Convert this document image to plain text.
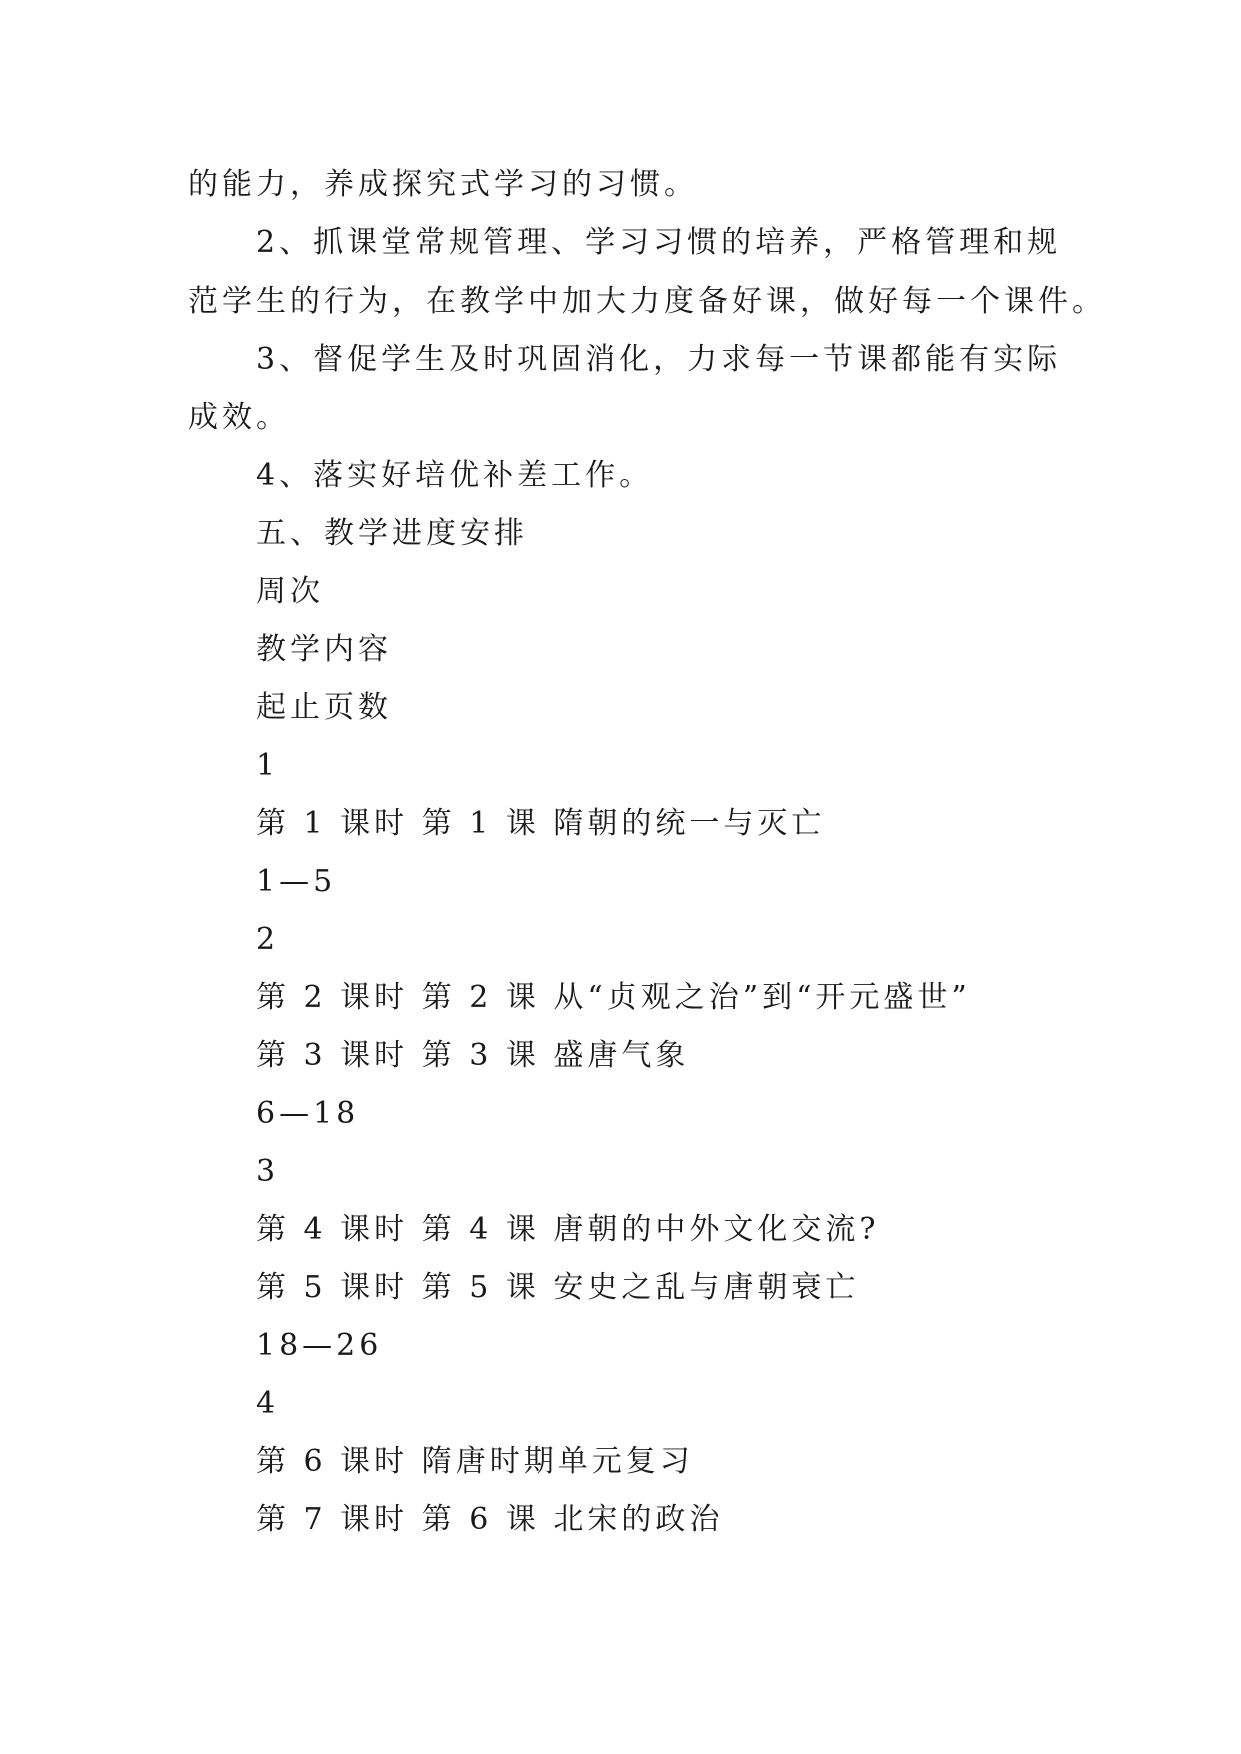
的能力，养成探究式学习的习惯。
2、抓课堂常规管理、学习习惯的培养，严格管理和规
范学生的行为，在教学中加大力度备好课，做好每一个课件。
3、督促学生及时巩固消化，力求每一节课都能有实际
成效。
4、落实好培优补差工作。
五、教学进度安排
周次
教学内容
起止页数
1
第 1 课时 第 1 课 隋朝的统一与灭亡
1—5
2
第 2 课时 第 2 课 从“贞观之治”到“开元盛世”
第 3 课时 第 3 课 盛唐气象
6—18
3
第 4 课时 第 4 课 唐朝的中外文化交流?
第 5 课时 第 5 课 安史之乱与唐朝衰亡
18—26
4
第 6 课时 隋唐时期单元复习
第 7 课时 第 6 课 北宋的政治
